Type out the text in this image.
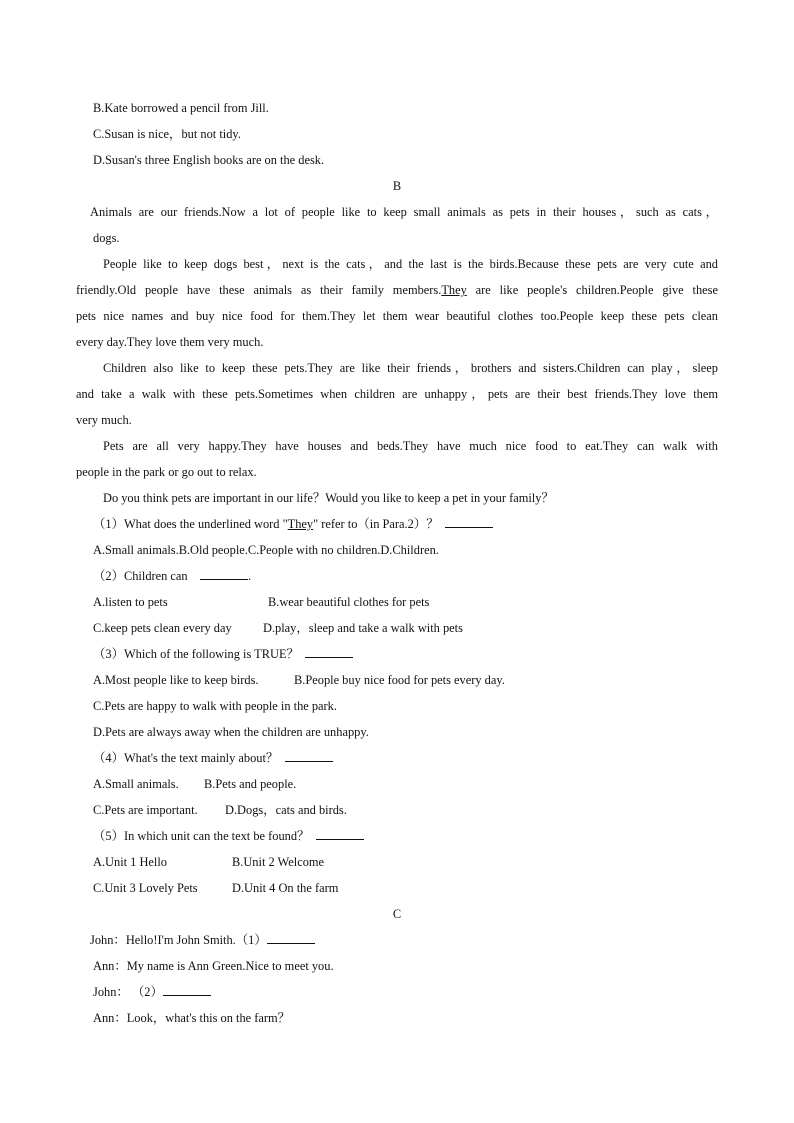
B.Kate borrowed a pencil from Jill.
C.Susan is nice，but not tidy.
D.Susan's three English books are on the desk.
B
Animals are our friends.Now a lot of people like to keep small animals as pets in their houses，such as cats，
dogs.
People like to keep dogs best，next is the cats，and the last is the birds.Because these pets are very cute and
friendly.Old people have these animals as their family members.They are like people's children.People give these
pets nice names and buy nice food for them.They let them wear beautiful clothes too.People keep these pets clean
every day.They love them very much.
Children also like to keep these pets.They are like their friends，brothers and sisters.Children can play，sleep
and take a walk with these pets.Sometimes when children are unhappy，pets are their best friends.They love them
very much.
Pets are all very happy.They have houses and beds.They have much nice food to eat.They can walk with
people in the park or go out to relax.
Do you think pets are important in our life？Would you like to keep a pet in your family？
（1）What does the underlined word "They" refer to（in Para.2）？
A.Small animals.B.Old people.C.People with no children.D.Children.
（2）Children can	.
A.listen to pets	B.wear beautiful clothes for pets
C.keep pets clean every day	D.play，sleep and take a walk with pets
（3）Which of the following is TRUE？
A.Most people like to keep birds.	B.People buy nice food for pets every day.
C.Pets are happy to walk with people in the park.
D.Pets are always away when the children are unhappy.
（4）What's the text mainly about？
A.Small animals. B.Pets and people.
C.Pets are important. D.Dogs，cats and birds.
（5）In which unit can the text be found？
A.Unit 1 Hello	B.Unit 2 Welcome
C.Unit 3 Lovely Pets	D.Unit 4 On the farm
C
John：Hello!I'm John Smith.（1）
Ann：My name is Ann Green.Nice to meet you.
John： （2）
Ann：Look，what's this on the farm？
